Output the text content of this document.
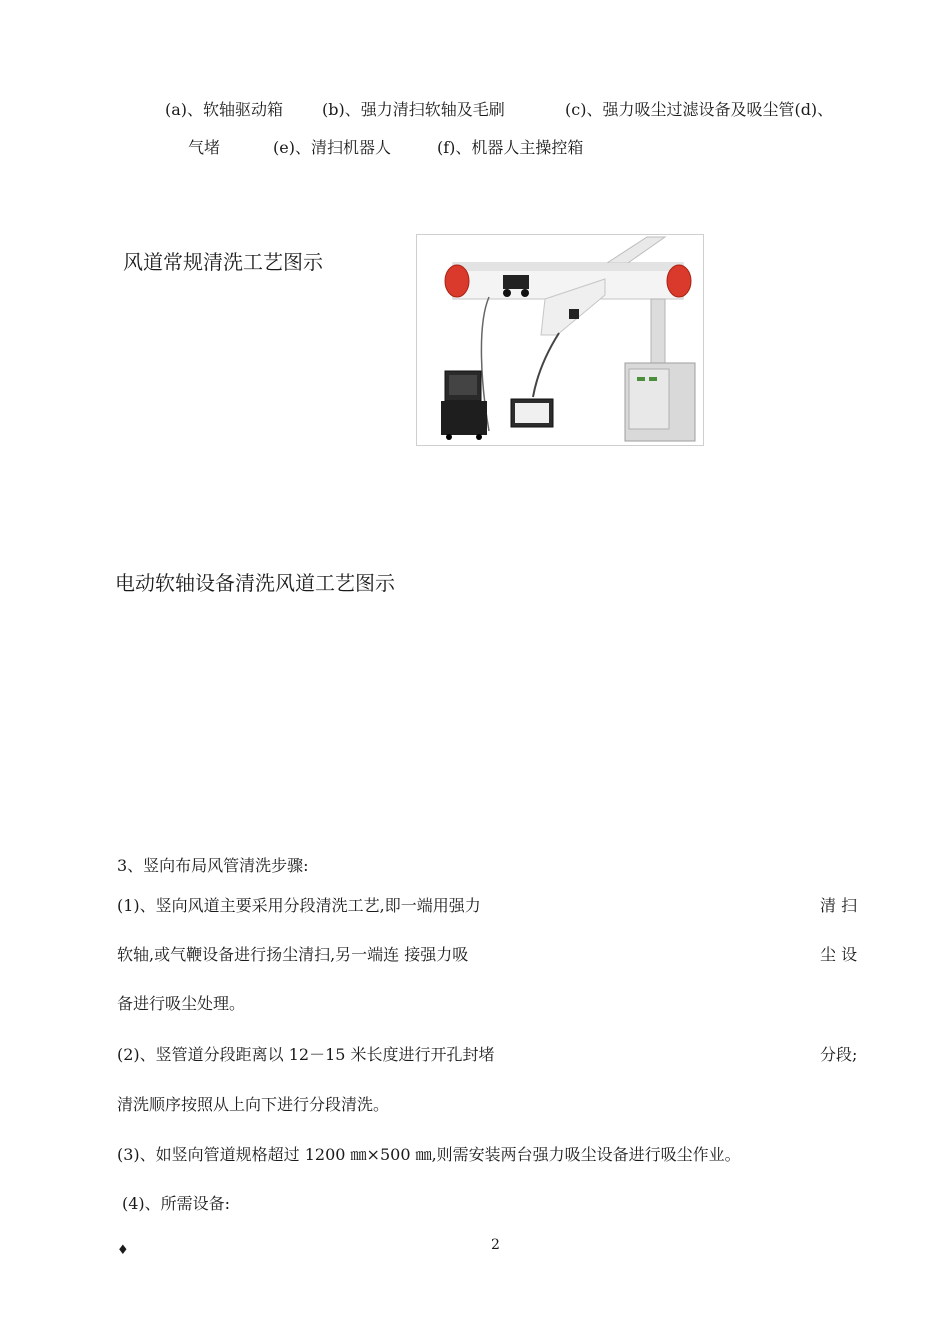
(a)、软轴驱动箱 (b)、强力清扫软轴及毛刷	(c)、强力吸尘过滤设备及吸尘管(d)、
气堵	(e)、清扫机器人	(f)、机器人主操控箱
风道常规清洗工艺图示
电动软轴设备清洗风道工艺图示
3、竖向布局风管清洗步骤:
(1)、竖向风道主要采用分段清洗工艺,即一端用强力	清 扫
软轴,或气鞭设备进行扬尘清扫,另一端连 接强力吸	尘 设
备进行吸尘处理。
(2)、竖管道分段距离以 12－15 米长度进行开孔封堵	分段;
清洗顺序按照从上向下进行分段清洗。
(3)、如竖向管道规格超过 1200 ㎜×500 ㎜,则需安装两台强力吸尘设备进行吸尘作业。
(4)、所需设备:
♦	2
